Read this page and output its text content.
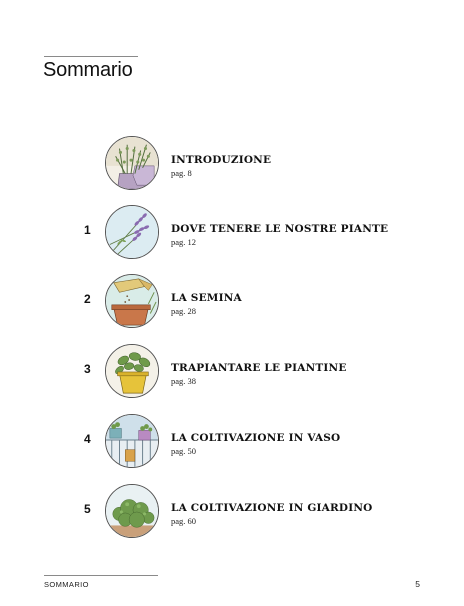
Sommario
INTRODUZIONE
pag. 8
1	DOVE TENERE LE NOSTRE PIANTE
pag. 12
2	LA SEMINA
pag. 28
3	TRAPIANTARE LE PIANTINE
pag. 38
4	LA COLTIVAZIONE IN VASO
pag. 50
5	LA COLTIVAZIONE IN GIARDINO
pag. 60
SOMMARIO	5
